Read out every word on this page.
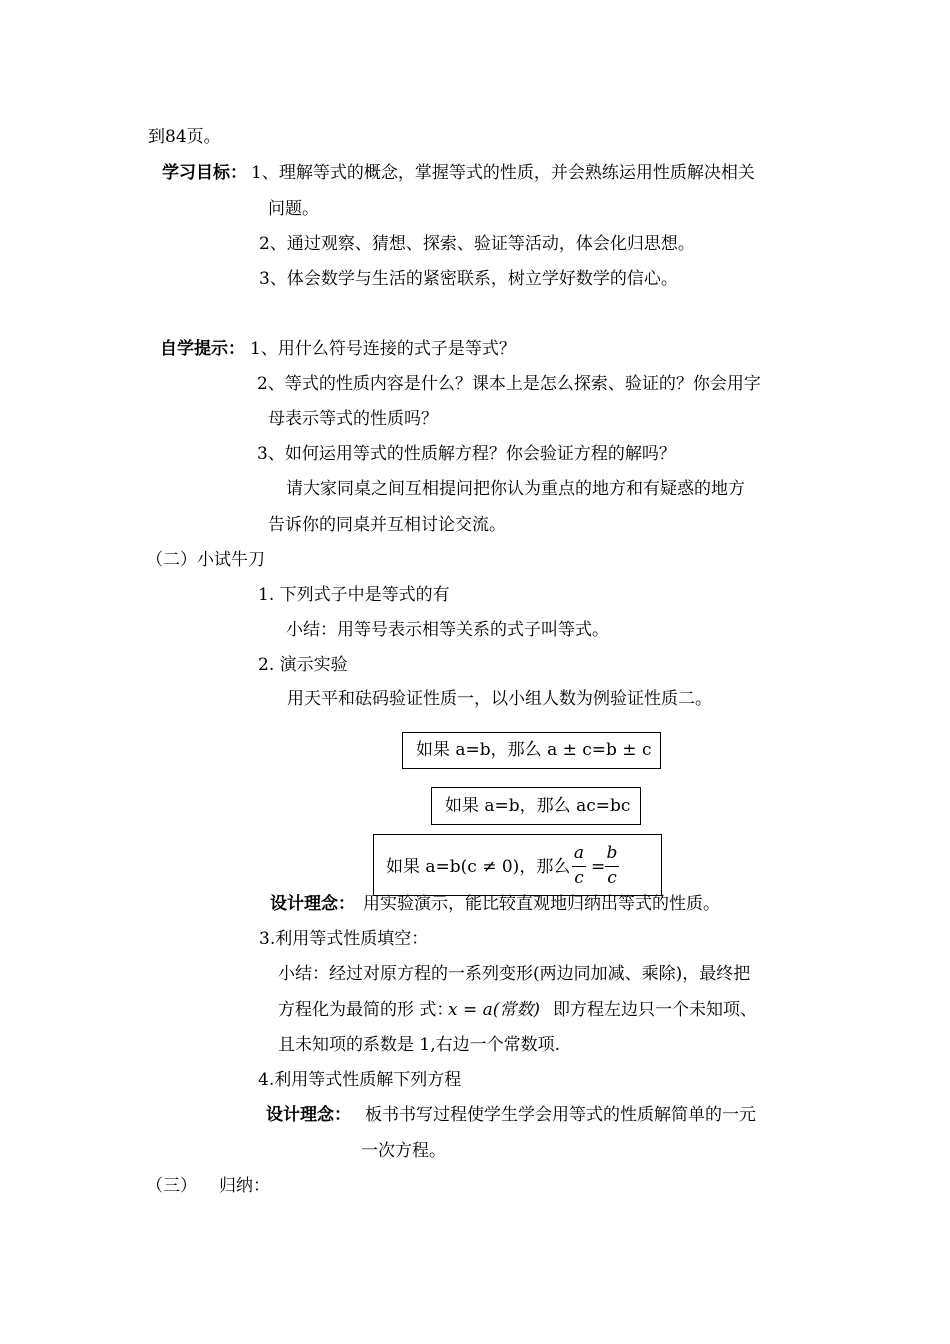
到84页。
学习目标： 1、理解等式的概念，掌握等式的性质，并会熟练运用性质解决相关
问题。
2、通过观察、猜想、探索、验证等活动，体会化归思想。
3、体会数学与生活的紧密联系，树立学好数学的信心。
自学提示： 1、用什么符号连接的式子是等式？
2、等式的性质内容是什么？课本上是怎么探索、验证的？你会用字
母表示等式的性质吗？
3、如何运用等式的性质解方程？你会验证方程的解吗？
请大家同桌之间互相提问把你认为重点的地方和有疑惑的地方
告诉你的同桌并互相讨论交流。
（二）小试牛刀
1. 下列式子中是等式的有
小结：用等号表示相等关系的式子叫等式。
2. 演示实验
用天平和砝码验证性质一，以小组人数为例验证性质二。
如果 a=b，那么 a ± c=b ± c
如果 a=b，那么 ac=bc
如果 a=b(c ≠ 0)，那么
a
c
=
b
c
设计理念： 用实验演示，能比较直观地归纳出等式的性质。
3.利用等式性质填空：
小结：经过对原方程的一系列变形(两边同加减、乘除)，最终把
方程化为最简的形 式：
x = a(常数) 即方程左边只一个未知项、
且未知项的系数是 1,右边一个常数项.
4.利用等式性质解下列方程
设计理念： 板书书写过程使学生学会用等式的性质解简单的一元
一次方程。
（三） 归纳：
